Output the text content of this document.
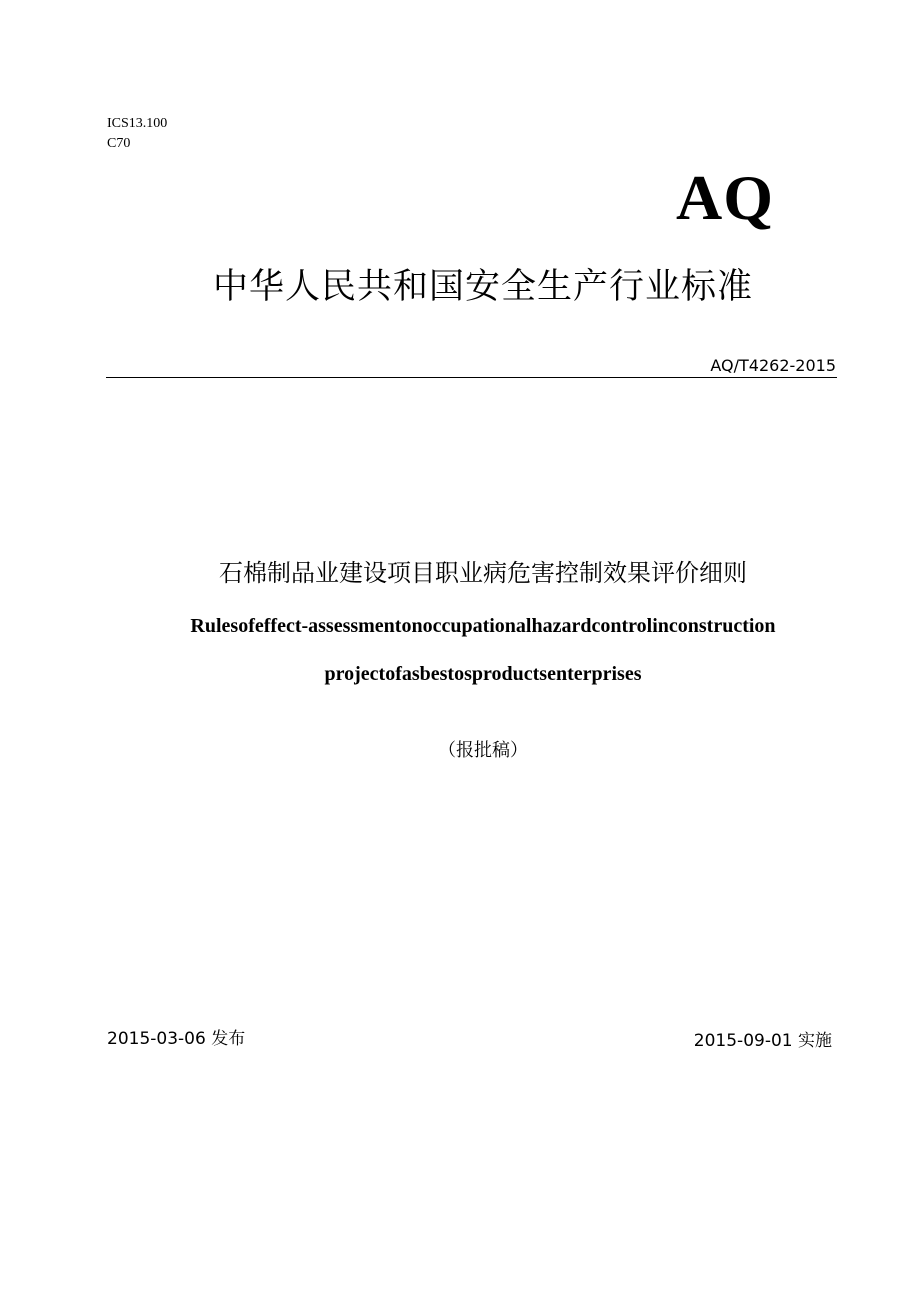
ICS13.100
C70
AQ
中华人民共和国安全生产行业标准
AQ/T4262-2015
石棉制品业建设项目职业病危害控制效果评价细则
Rulesofeffect-assessmentonoccupationalhazardcontrolinconstruction
projectofasbestosproductsenterprises
（报批稿）
2015-03-06 发布	2015-09-01 实施
